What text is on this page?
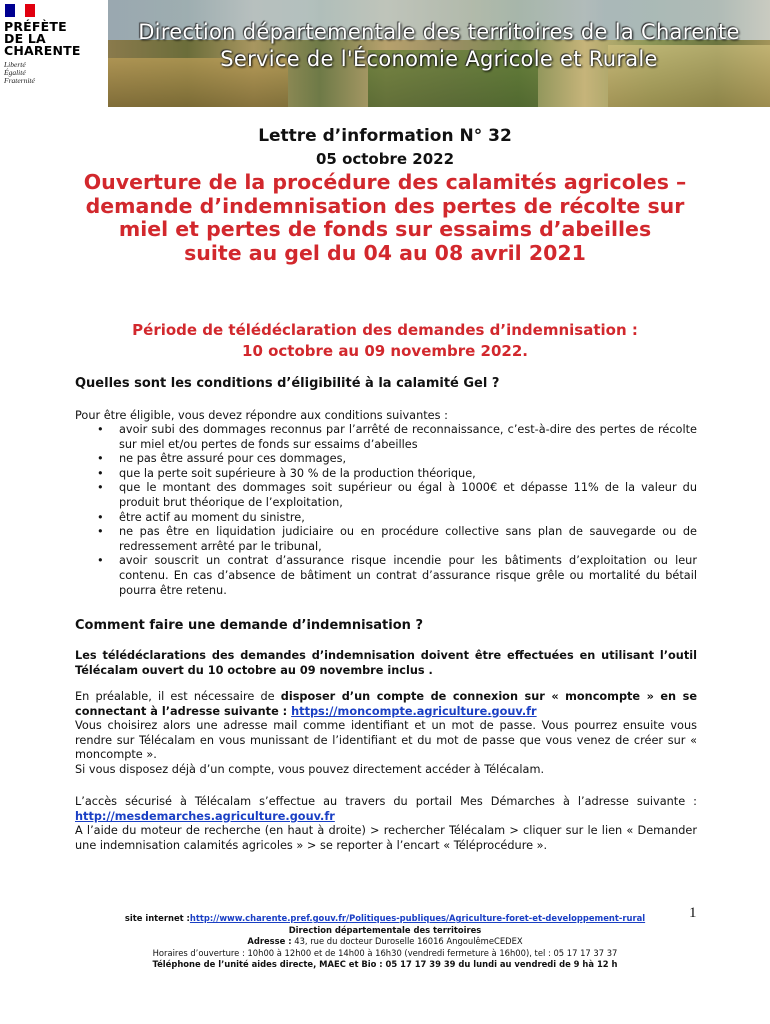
PRÉFÈTE
DE LA
CHARENTE
Liberté
Égalité
Fraternité
Direction départementale des territoires de la Charente
Service de l'Économie Agricole et Rurale
Lettre d’information N° 32
05 octobre 2022
Ouverture de la procédure des calamités agricoles –
demande d’indemnisation des pertes de récolte sur
miel et pertes de fonds sur essaims d’abeilles
suite au gel du 04 au 08 avril 2021
Période de télédéclaration des demandes d’indemnisation :
10 octobre au 09 novembre 2022.
Quelles sont les conditions d’éligibilité à la calamité Gel ?
Pour être éligible, vous devez répondre aux conditions suivantes :
• avoir subi des dommages reconnus par l’arrêté de reconnaissance, c’est-à-dire des pertes de récolte sur miel et/ou pertes de fonds sur essaims d’abeilles
• ne pas être assuré pour ces dommages,
• que la perte soit supérieure à 30 % de la production théorique,
• que le montant des dommages soit supérieur ou égal à 1000€ et dépasse 11% de la valeur du produit brut théorique de l’exploitation,
• être actif au moment du sinistre,
• ne pas être en liquidation judiciaire ou en procédure collective sans plan de sauvegarde ou de redressement arrêté par le tribunal,
• avoir souscrit un contrat d’assurance risque incendie pour les bâtiments d’exploitation ou leur contenu. En cas d’absence de bâtiment un contrat d’assurance risque grêle ou mortalité du bétail pourra être retenu.
Comment faire une demande d’indemnisation ?
Les télédéclarations des demandes d’indemnisation doivent être effectuées en utilisant l’outil Télécalam ouvert du 10 octobre au 09 novembre inclus .
En préalable, il est nécessaire de disposer d’un compte de connexion sur « moncompte » en se connectant à l’adresse suivante : https://moncompte.agriculture.gouv.fr
Vous choisirez alors une adresse mail comme identifiant et un mot de passe. Vous pourrez ensuite vous rendre sur Télécalam en vous munissant de l’identifiant et du mot de passe que vous venez de créer sur « moncompte ».
Si vous disposez déjà d’un compte, vous pouvez directement accéder à Télécalam.
L’accès sécurisé à Télécalam s’effectue au travers du portail Mes Démarches à l’adresse suivante : http://mesdemarches.agriculture.gouv.fr
A l’aide du moteur de recherche (en haut à droite) > rechercher Télécalam > cliquer sur le lien « Demander une indemnisation calamités agricoles » > se reporter à l’encart « Téléprocédure ».
1
site internet :http://www.charente.pref.gouv.fr/Politiques-publiques/Agriculture-foret-et-developpement-rural
Direction départementale des territoires
Adresse : 43, rue du docteur Duroselle 16016 AngoulêmeCEDEX
Horaires d’ouverture : 10h00 à 12h00 et de 14h00 à 16h30 (vendredi fermeture à 16h00), tel : 05 17 17 37 37
Téléphone de l’unité aides directe, MAEC et Bio : 05 17 17 39 39 du lundi au vendredi de 9 hà 12 h
